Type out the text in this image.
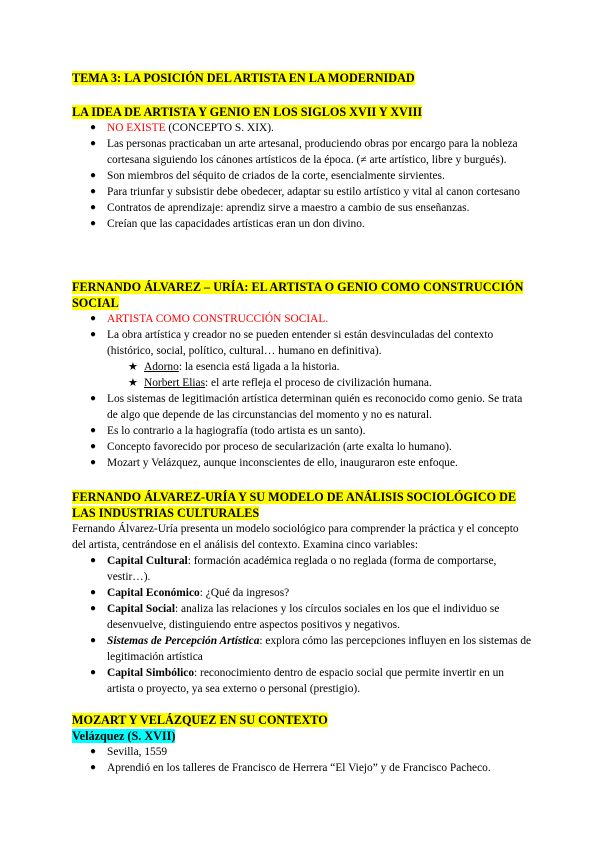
TEMA 3: LA POSICIÓN DEL ARTISTA EN LA MODERNIDAD
LA IDEA DE ARTISTA Y GENIO EN LOS SIGLOS XVII Y XVIII
● NO EXISTE (CONCEPTO S. XIX).
● Las personas practicaban un arte artesanal, produciendo obras por encargo para la nobleza cortesana siguiendo los cánones artísticos de la época. (≠ arte artístico, libre y burgués).
● Son miembros del séquito de criados de la corte, esencialmente sirvientes.
● Para triunfar y subsistir debe obedecer, adaptar su estilo artístico y vital al canon cortesano
● Contratos de aprendizaje: aprendiz sirve a maestro a cambio de sus enseñanzas.
● Creían que las capacidades artísticas eran un don divino.
FERNANDO ÁLVAREZ – URÍA: EL ARTISTA O GENIO COMO CONSTRUCCIÓN SOCIAL
● ARTISTA COMO CONSTRUCCIÓN SOCIAL.
● La obra artística y creador no se pueden entender si están desvinculadas del contexto (histórico, social, político, cultural… humano en definitiva).
★ Adorno: la esencia está ligada a la historia.
★ Norbert Elias: el arte refleja el proceso de civilización humana.
● Los sistemas de legitimación artística determinan quién es reconocido como genio. Se trata de algo que depende de las circunstancias del momento y no es natural.
● Es lo contrario a la hagiografía (todo artista es un santo).
● Concepto favorecido por proceso de secularización (arte exalta lo humano).
● Mozart y Velázquez, aunque inconscientes de ello, inauguraron este enfoque.
FERNANDO ÁLVAREZ-URÍA Y SU MODELO DE ANÁLISIS SOCIOLÓGICO DE LAS INDUSTRIAS CULTURALES

Fernando Álvarez-Uría presenta un modelo sociológico para comprender la práctica y el concepto del artista, centrándose en el análisis del contexto. Examina cinco variables:

● Capital Cultural: formación académica reglada o no reglada (forma de comportarse, vestir…).
● Capital Económico: ¿Qué da ingresos?
● Capital Social: analiza las relaciones y los círculos sociales en los que el individuo se desenvuelve, distinguiendo entre aspectos positivos y negativos.
● Sistemas de Percepción Artística: explora cómo las percepciones influyen en los sistemas de legitimación artística
● Capital Simbólico: reconocimiento dentro de espacio social que permite invertir en un artista o proyecto, ya sea externo o personal (prestigio).
MOZART Y VELÁZQUEZ EN SU CONTEXTO
Velázquez (S. XVII)
● Sevilla, 1559
● Aprendió en los talleres de Francisco de Herrera “El Viejo” y de Francisco Pacheco.
